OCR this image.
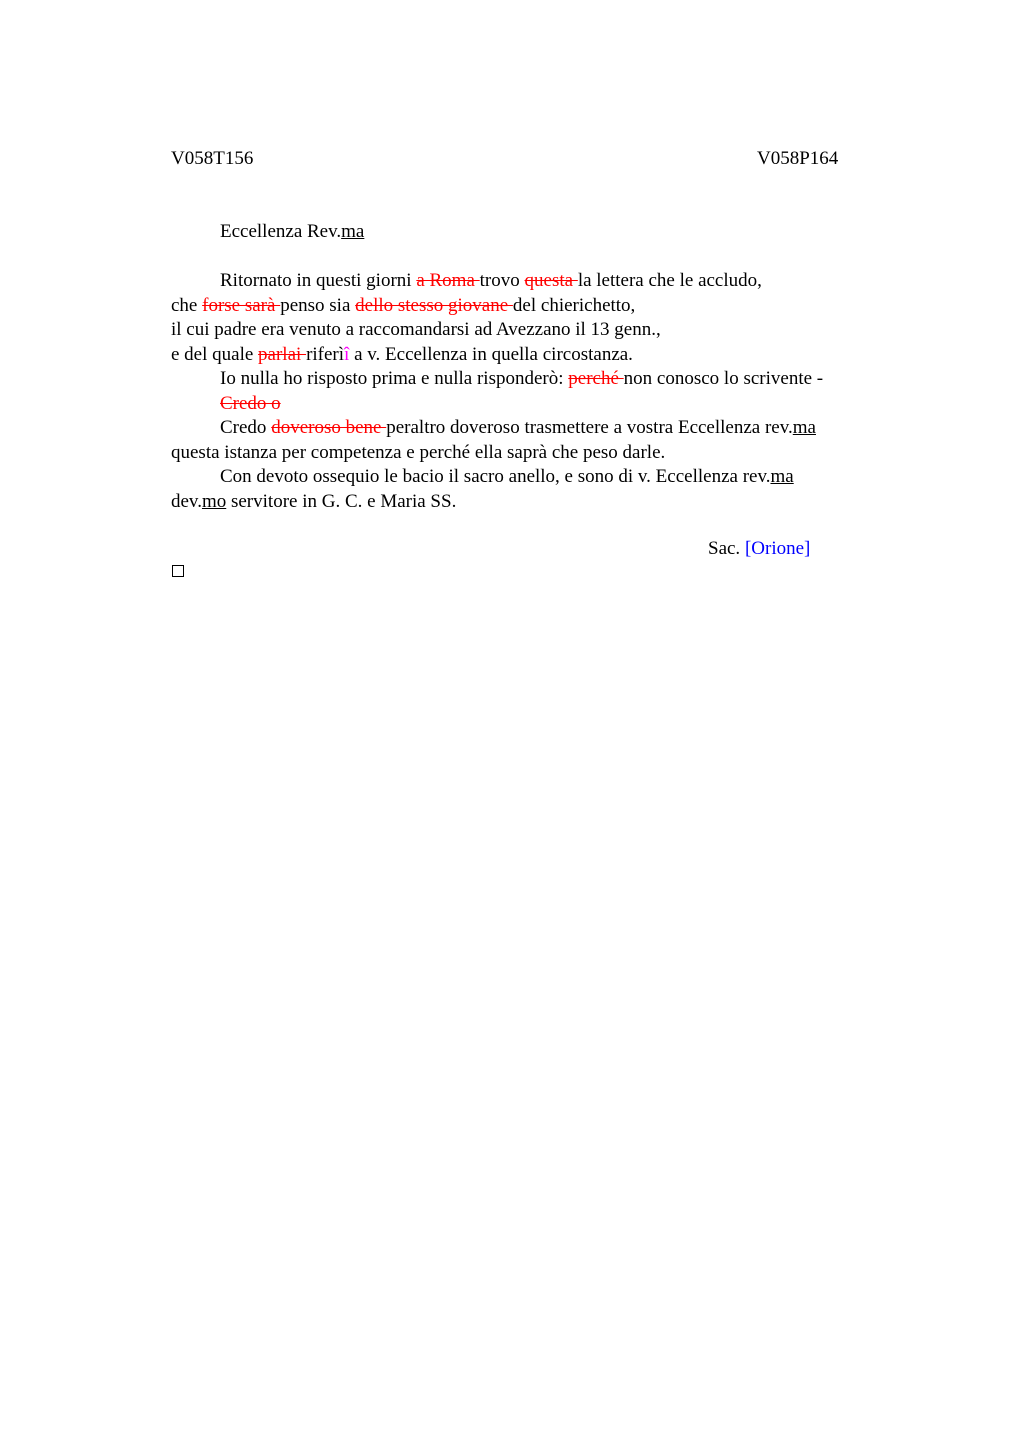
V058T156	V058P164
Eccellenza Rev.ma
Ritornato in questi giorni a Roma trovo questa la lettera che le accludo,
che forse sarà penso sia dello stesso giovane del chierichetto,
il cui padre era venuto a raccomandarsi ad Avezzano il 13 genn.,
e del quale parlai riferìî a v. Eccellenza in quella circostanza.
Io nulla ho risposto prima e nulla risponderò: perché non conosco lo scrivente -
Credo o
Credo doveroso bene peraltro doveroso trasmettere a vostra Eccellenza rev.ma
questa istanza per competenza e perché ella saprà che peso darle.
Con devoto ossequio le bacio il sacro anello, e sono di v. Eccellenza rev.ma
dev.mo servitore in G. C. e Maria SS.
Sac. [Orione]
